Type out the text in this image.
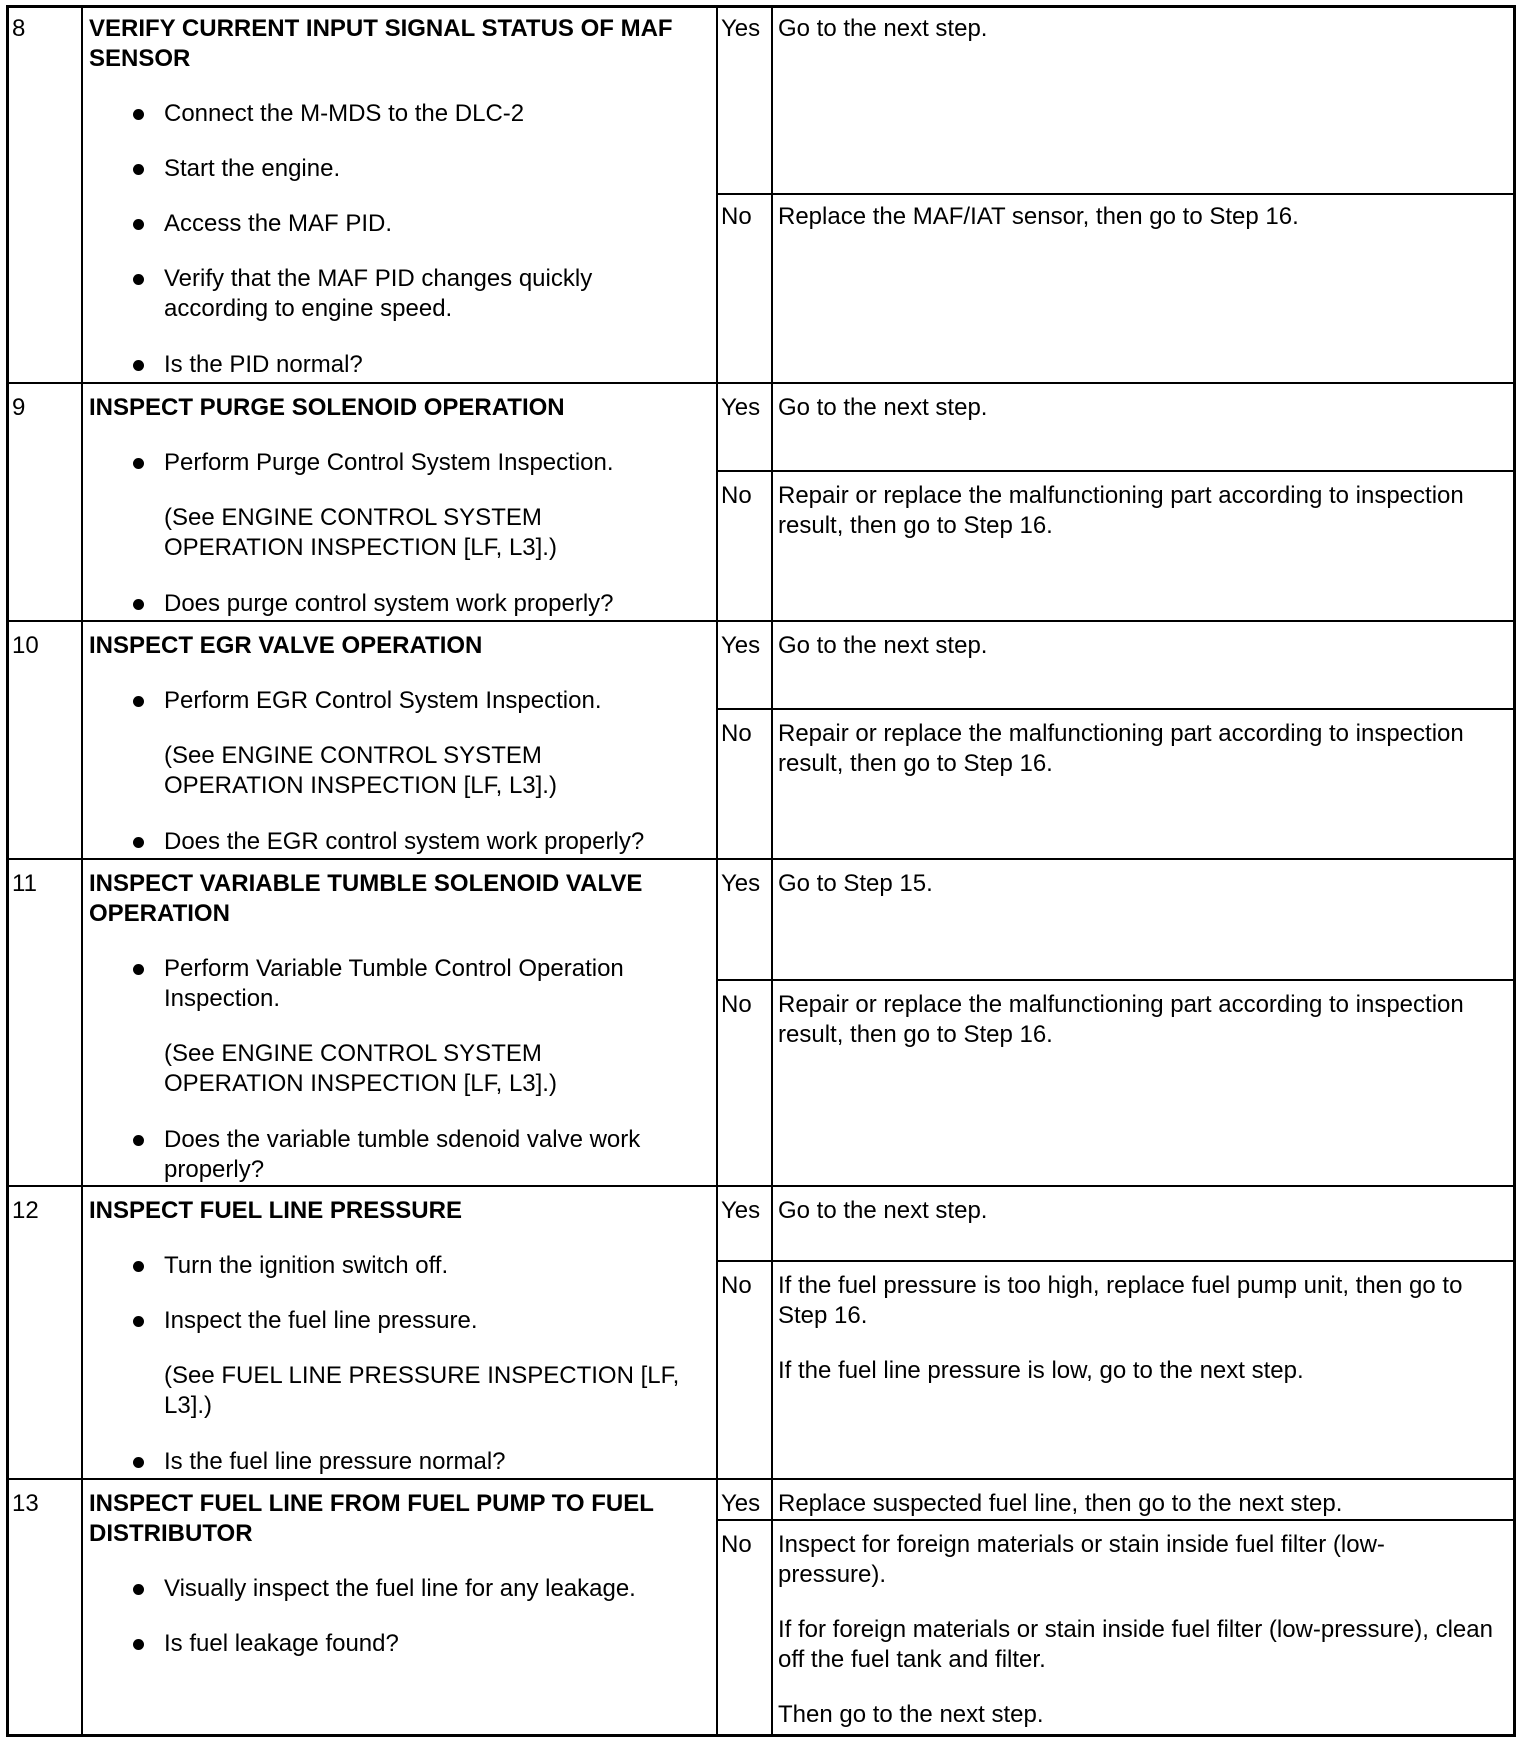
8	VERIFY CURRENT INPUT SIGNAL STATUS OF MAF SENSOR
Connect the M-MDS to the DLC-2
Start the engine.
Access the MAF PID.
Verify that the MAF PID changes quickly according to engine speed.
Is the PID normal?
Yes Go to the next step.
No Replace the MAF/IAT sensor, then go to Step 16.
9	INSPECT PURGE SOLENOID OPERATION
Perform Purge Control System Inspection.
(See ENGINE CONTROL SYSTEM OPERATION INSPECTION [LF, L3].)
Does purge control system work properly?
Yes Go to the next step.
No Repair or replace the malfunctioning part according to inspection result, then go to Step 16.
10 INSPECT EGR VALVE OPERATION
Perform EGR Control System Inspection.
(See ENGINE CONTROL SYSTEM OPERATION INSPECTION [LF, L3].)
Does the EGR control system work properly?
Yes Go to the next step.
No Repair or replace the malfunctioning part according to inspection result, then go to Step 16.
11 INSPECT VARIABLE TUMBLE SOLENOID VALVE OPERATION
Perform Variable Tumble Control Operation Inspection.
(See ENGINE CONTROL SYSTEM OPERATION INSPECTION [LF, L3].)
Does the variable tumble sdenoid valve work properly?
Yes Go to Step 15.
No Repair or replace the malfunctioning part according to inspection result, then go to Step 16.
12 INSPECT FUEL LINE PRESSURE
Turn the ignition switch off.
Inspect the fuel line pressure.
(See FUEL LINE PRESSURE INSPECTION [LF, L3].)
Is the fuel line pressure normal?
Yes Go to the next step.
No If the fuel pressure is too high, replace fuel pump unit, then go to Step 16.
If the fuel line pressure is low, go to the next step.
13 INSPECT FUEL LINE FROM FUEL PUMP TO FUEL DISTRIBUTOR
Visually inspect the fuel line for any leakage.
Is fuel leakage found?
Yes Replace suspected fuel line, then go to the next step.
No Inspect for foreign materials or stain inside fuel filter (low-pressure).
If for foreign materials or stain inside fuel filter (low-pressure), clean off the fuel tank and filter.
Then go to the next step.
